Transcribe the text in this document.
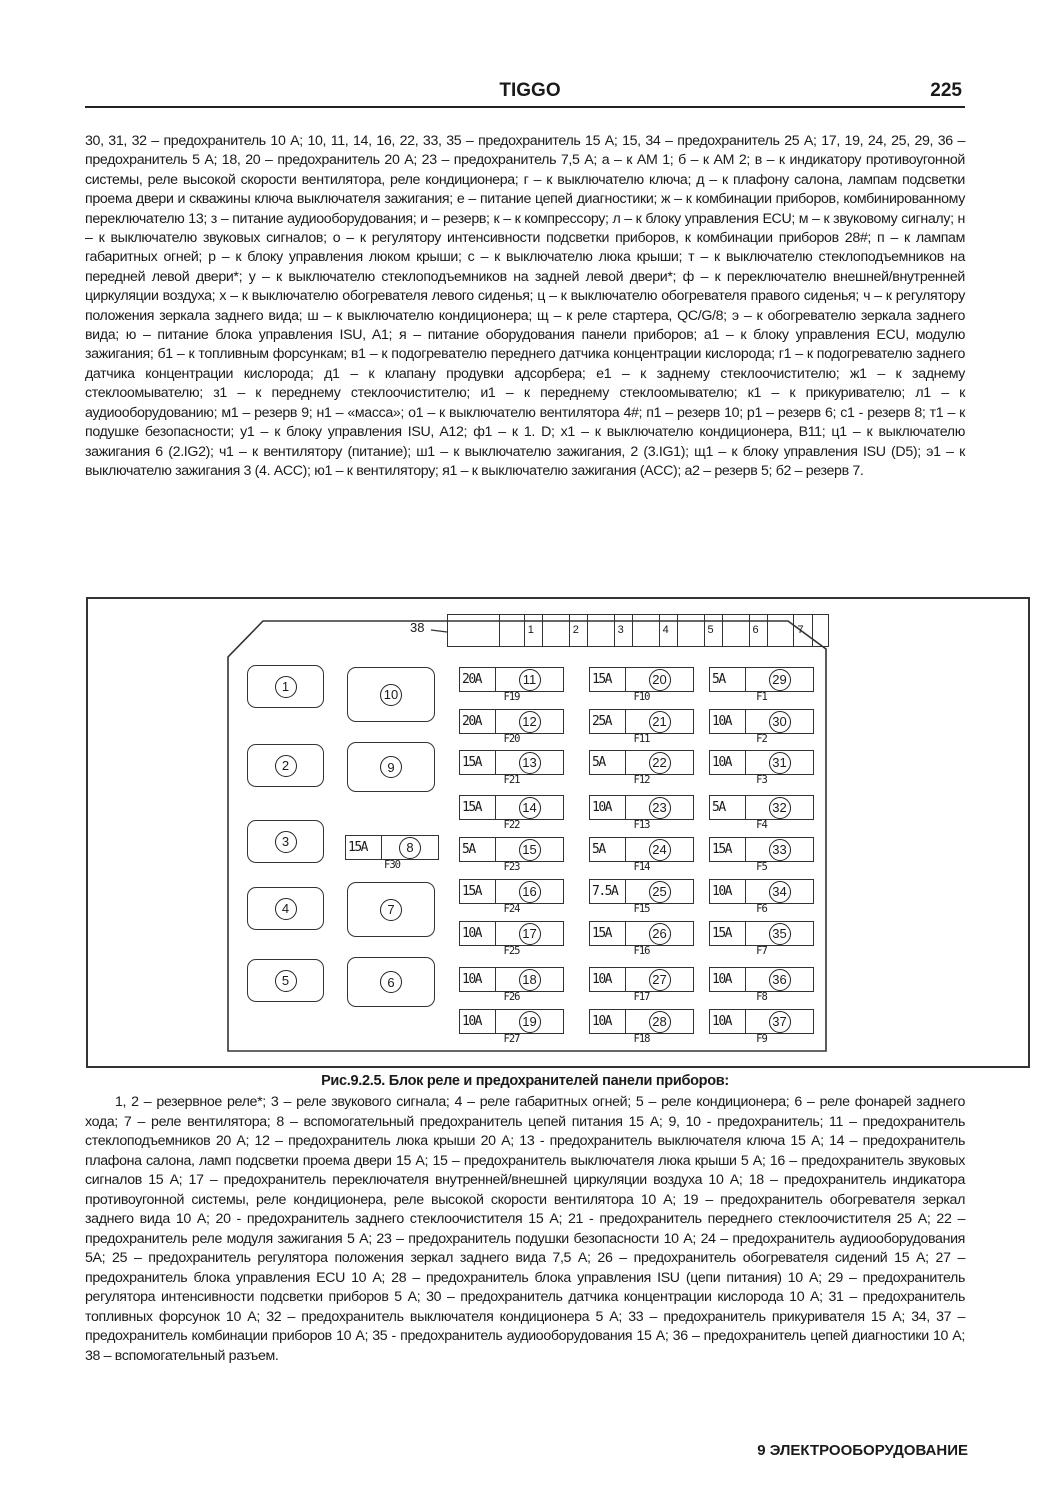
TIGGO	225
30, 31, 32 – предохранитель 10 А; 10, 11, 14, 16, 22, 33, 35 – предохранитель 15 А; 15, 34 – предохранитель 25 А; 17, 19, 24, 25, 29, 36 – предохранитель 5 А; 18, 20 – предохранитель 20 А; 23 – предохранитель 7,5 А; а – к АМ 1; б – к АМ 2; в – к индикатору противоугонной системы, реле высокой скорости вентилятора, реле кондиционера; г – к выключателю ключа; д – к плафону салона, лампам подсветки проема двери и скважины ключа выключателя зажигания; е – питание цепей диагностики; ж – к комбинации приборов, комбинированному переключателю 13; з – питание аудиооборудования; и – резерв; к – к компрессору; л – к блоку управления ECU; м – к звуковому сигналу; н – к выключателю звуковых сигналов; о – к регулятору интенсивности подсветки приборов, к комбинации приборов 28#; п – к лампам габаритных огней; р – к блоку управления люком крыши; с – к выключателю люка крыши; т – к выключателю стеклоподъемников на передней левой двери*; у – к выключателю стеклоподъемников на задней левой двери*; ф – к переключателю внешней/внутренней циркуляции воздуха; х – к выключателю обогревателя левого сиденья; ц – к выключателю обогревателя правого сиденья; ч – к регулятору положения зеркала заднего вида; ш – к выключателю кондиционера; щ – к реле стартера, QC/G/8; э – к обогревателю зеркала заднего вида; ю – питание блока управления ISU, A1; я – питание оборудования панели приборов; а1 – к блоку управления ECU, модулю зажигания; б1 – к топливным форсункам; в1 – к подогревателю переднего датчика концентрации кислорода; г1 – к подогревателю заднего датчика концентрации кислорода; д1 – к клапану продувки адсорбера; е1 – к заднему стеклоочистителю; ж1 – к заднему стеклоомывателю; з1 – к переднему стеклоочистителю; и1 – к переднему стеклоомывателю; к1 – к прикуривателю; л1 – к аудиооборудованию; м1 – резерв 9; н1 – «масса»; о1 – к выключателю вентилятора 4#; п1 – резерв 10; р1 – резерв 6; с1 - резерв 8; т1 – к подушке безопасности; у1 – к блоку управления ISU, A12; ф1 – к 1. D; х1 – к выключателю кондиционера, B11; ц1 – к выключателю зажигания 6 (2.IG2); ч1 – к вентилятору (питание); ш1 – к выключателю зажигания, 2 (3.IG1); щ1 – к блоку управления ISU (D5); э1 – к выключателю зажигания 3 (4. ACC); ю1 – к вентилятору; я1 – к выключателю зажигания (ACC); а2 – резерв 5; б2 – резерв 7.
38	1	2	3	4	5	6	7
1
2
3
4
5
10
9
7
6
15A	8
F30
20A	11
F19
20A	12
F20
15A	13
F21
15A	14
F22
5A	15
F23
15A	16
F24
10A	17
F25
10A	18
F26
10A	19
F27
15A	20
F10
25A	21
F11
5A	22
F12
10A	23
F13
5A	24
F14
7.5A	25
F15
15A	26
F16
10A	27
F17
10A	28
F18
5A	29
F1
10A	30
F2
10A	31
F3
5A	32
F4
15A	33
F5
10A	34
F6
15A	35
F7
10A	36
F8
10A	37
F9
Рис.9.2.5. Блок реле и предохранителей панели приборов:
1, 2 – резервное реле*; 3 – реле звукового сигнала; 4 – реле габаритных огней; 5 – реле кондиционера; 6 – реле фонарей заднего хода; 7 – реле вентилятора; 8 – вспомогательный предохранитель цепей питания 15 А; 9, 10 - предохранитель; 11 – предохранитель стеклоподъемников 20 А; 12 – предохранитель люка крыши 20 А; 13 - предохранитель выключателя ключа 15 А; 14 – предохранитель плафона салона, ламп подсветки проема двери 15 А; 15 – предохранитель выключателя люка крыши 5 А; 16 – предохранитель звуковых сигналов 15 А; 17 – предохранитель переключателя внутренней/внешней циркуляции воздуха 10 А; 18 – предохранитель индикатора противоугонной системы, реле кондиционера, реле высокой скорости вентилятора 10 А; 19 – предохранитель обогревателя зеркал заднего вида 10 А; 20 - предохранитель заднего стеклоочистителя 15 А; 21 - предохранитель переднего стеклоочистителя 25 А; 22 – предохранитель реле модуля зажигания 5 А; 23 – предохранитель подушки безопасности 10 А; 24 – предохранитель аудиооборудования 5А; 25 – предохранитель регулятора положения зеркал заднего вида 7,5 А; 26 – предохранитель обогревателя сидений 15 А; 27 – предохранитель блока управления ECU 10 А; 28 – предохранитель блока управления ISU (цепи питания) 10 А; 29 – предохранитель регулятора интенсивности подсветки приборов 5 А; 30 – предохранитель датчика концентрации кислорода 10 А; 31 – предохранитель топливных форсунок 10 А; 32 – предохранитель выключателя кондиционера 5 А; 33 – предохранитель прикуривателя 15 А; 34, 37 – предохранитель комбинации приборов 10 А; 35 - предохранитель аудиооборудования 15 А; 36 – предохранитель цепей диагностики 10 А; 38 – вспомогательный разъем.
9 ЭЛЕКТРООБОРУДОВАНИЕ
